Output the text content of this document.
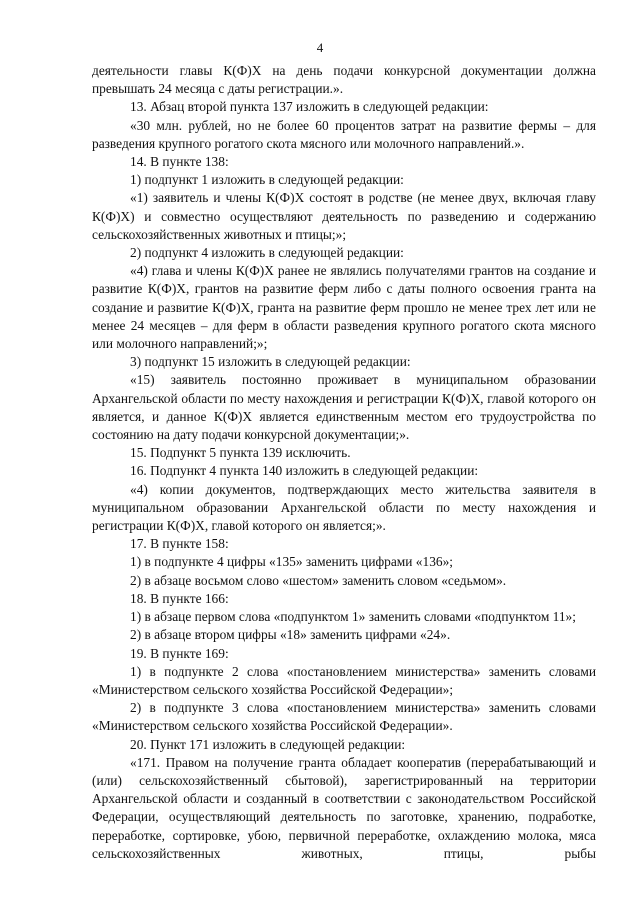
4

деятельности главы К(Ф)Х на день подачи конкурсной документации должна превышать 24 месяца с даты регистрации.».

13. Абзац второй пункта 137 изложить в следующей редакции:

«30 млн. рублей, но не более 60 процентов затрат на развитие фермы – для разведения крупного рогатого скота мясного или молочного направлений.».

14. В пункте 138:

1) подпункт 1 изложить в следующей редакции:

«1) заявитель и члены К(Ф)Х состоят в родстве (не менее двух, включая главу К(Ф)Х) и совместно осуществляют деятельность по разведению и содержанию сельскохозяйственных животных и птицы;»;

2) подпункт 4 изложить в следующей редакции:

«4) глава и члены К(Ф)Х ранее не являлись получателями грантов на создание и развитие К(Ф)Х, грантов на развитие ферм либо с даты полного освоения гранта на создание и развитие К(Ф)Х, гранта на развитие ферм прошло не менее трех лет или не менее 24 месяцев – для ферм в области разведения крупного рогатого скота мясного или молочного направлений;»;

3) подпункт 15 изложить в следующей редакции:

«15) заявитель постоянно проживает в муниципальном образовании Архангельской области по месту нахождения и регистрации К(Ф)Х, главой которого он является, и данное К(Ф)Х является единственным местом его трудоустройства по состоянию на дату подачи конкурсной документации;».

15. Подпункт 5 пункта 139 исключить.

16. Подпункт 4 пункта 140 изложить в следующей редакции:

«4) копии документов, подтверждающих место жительства заявителя в муниципальном образовании Архангельской области по месту нахождения и регистрации К(Ф)Х, главой которого он является;».

17. В пункте 158:

1) в подпункте 4 цифры «135» заменить цифрами «136»;

2) в абзаце восьмом слово «шестом» заменить словом «седьмом».

18. В пункте 166:

1) в абзаце первом слова «подпунктом 1» заменить словами «подпунктом 11»;

2) в абзаце втором цифры «18» заменить цифрами «24».

19. В пункте 169:

1) в подпункте 2 слова «постановлением министерства» заменить словами «Министерством сельского хозяйства Российской Федерации»;

2) в подпункте 3 слова «постановлением министерства» заменить словами «Министерством сельского хозяйства Российской Федерации».

20. Пункт 171 изложить в следующей редакции:

«171. Правом на получение гранта обладает кооператив (перерабатывающий и (или) сельскохозяйственный сбытовой), зарегистрированный на территории Архангельской области и созданный в соответствии с законодательством Российской Федерации, осуществляющий деятельность по заготовке, хранению, подработке, переработке, сортировке, убою, первичной переработке, охлаждению молока, мяса сельскохозяйственных животных, птицы, рыбы
